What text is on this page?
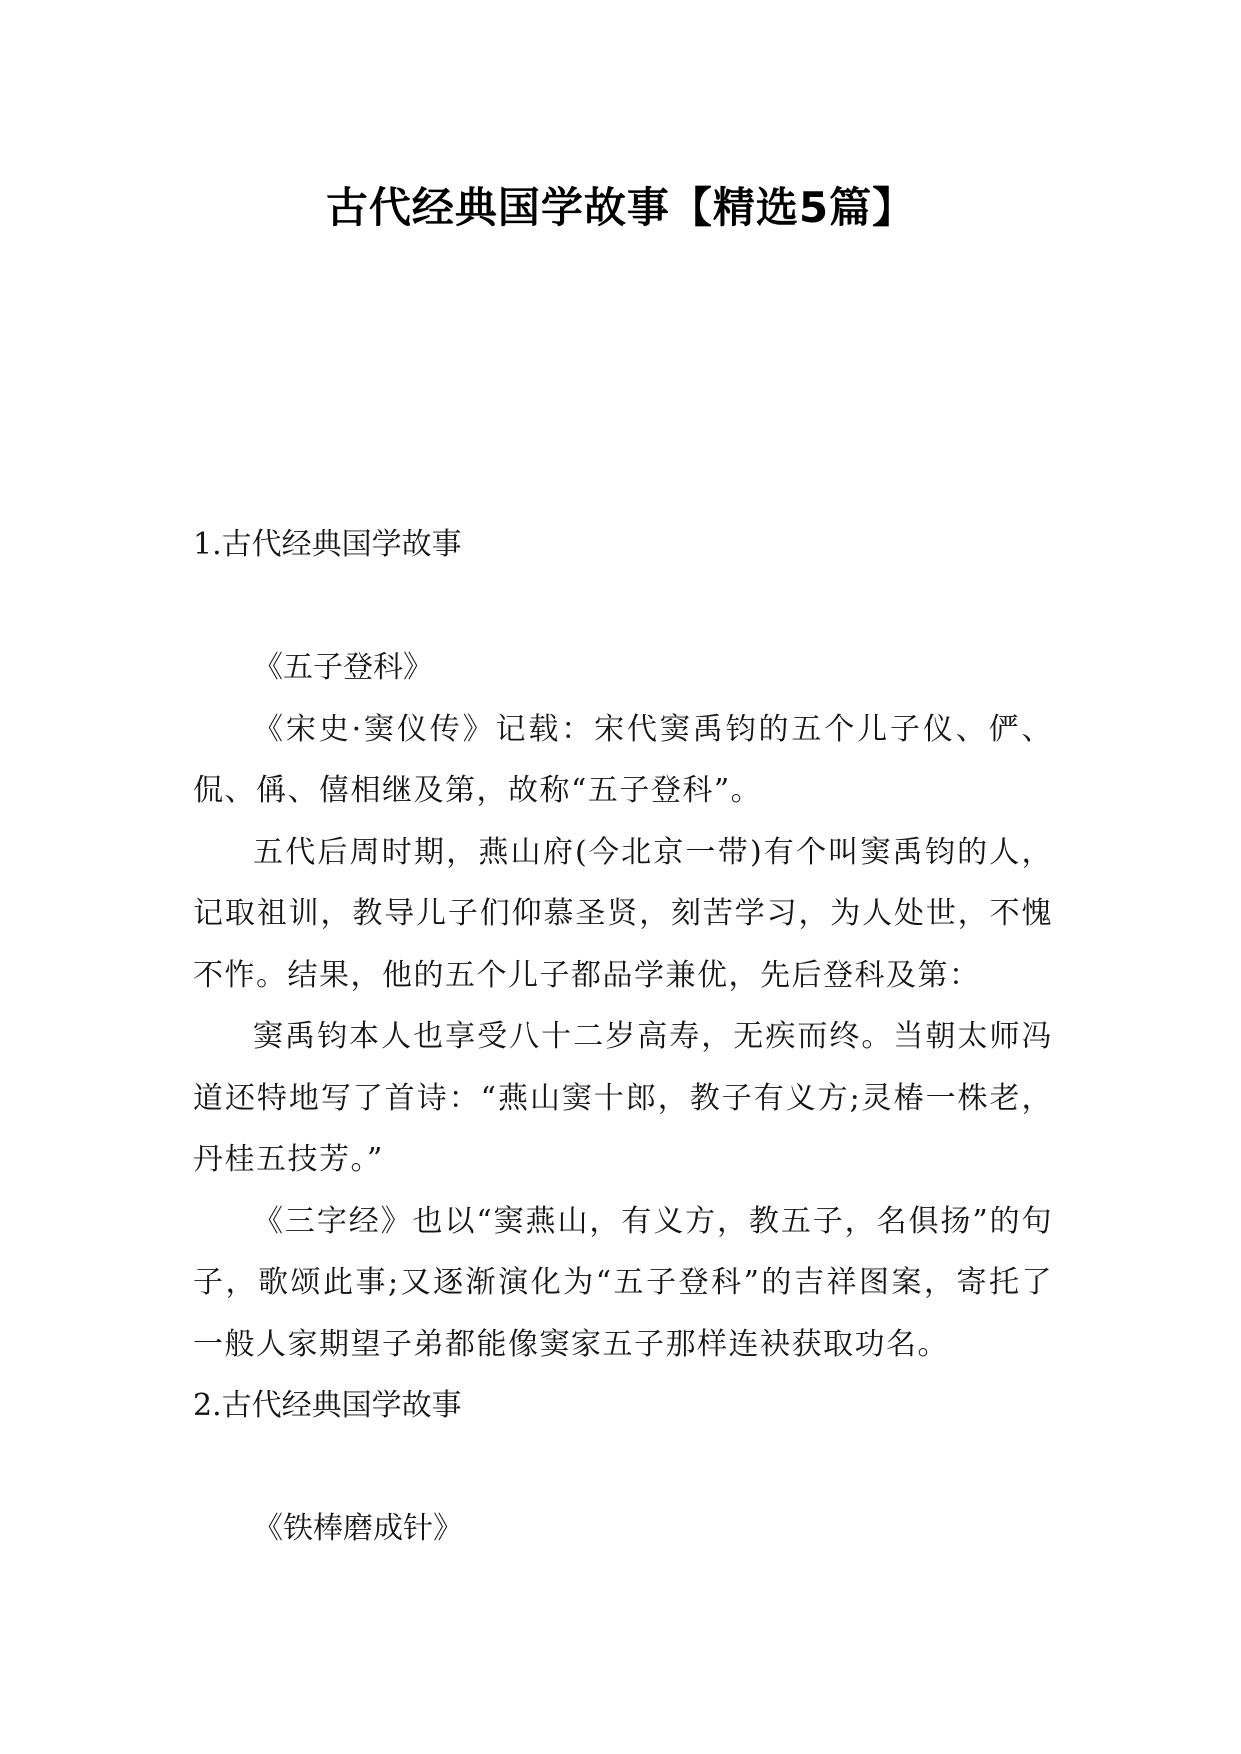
古代经典国学故事【精选5篇】
1.古代经典国学故事

《五子登科》

《宋史·窦仪传》记载：宋代窦禹钧的五个儿子仪、俨、侃、偁、僖相继及第，故称“五子登科”。

五代后周时期，燕山府(今北京一带)有个叫窦禹钧的人，记取祖训，教导儿子们仰慕圣贤，刻苦学习，为人处世，不愧不怍。结果，他的五个儿子都品学兼优，先后登科及第：

窦禹钧本人也享受八十二岁高寿，无疾而终。当朝太师冯道还特地写了首诗：“燕山窦十郎，教子有义方;灵椿一株老，丹桂五技芳。”

《三字经》也以“窦燕山，有义方，教五子，名俱扬”的句子，歌颂此事;又逐渐演化为“五子登科”的吉祥图案，寄托了一般人家期望子弟都能像窦家五子那样连袂获取功名。

2.古代经典国学故事

《铁棒磨成针》
